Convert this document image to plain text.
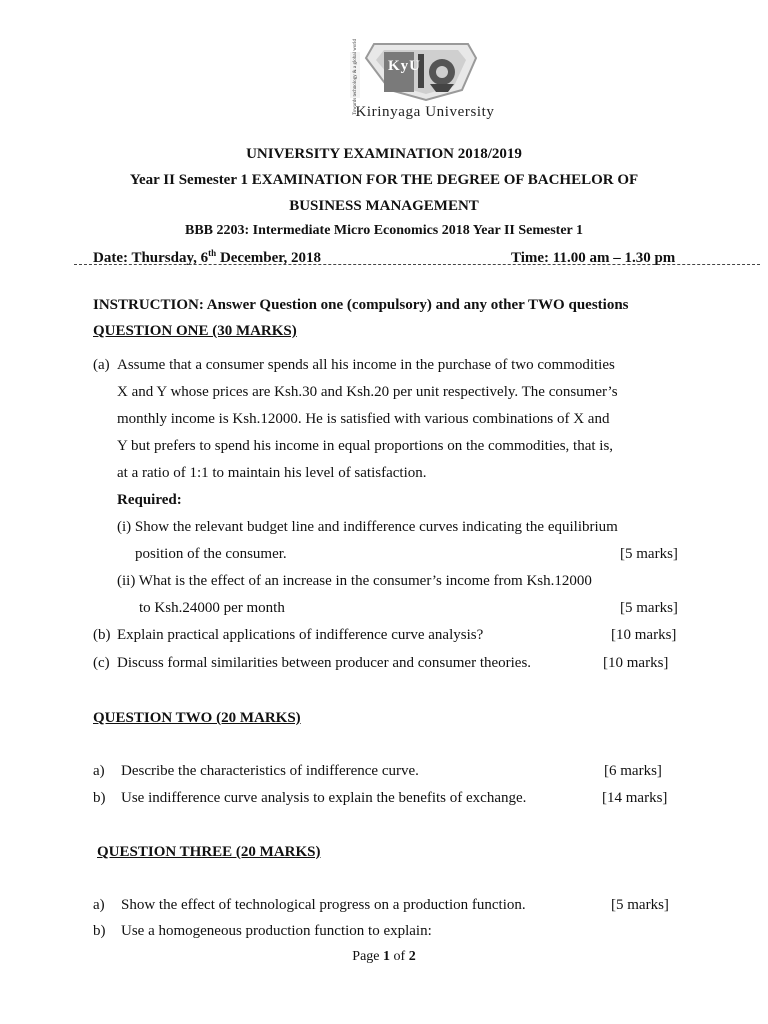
KyU
Towards technology & a global world
Kirinyaga University
UNIVERSITY EXAMINATION 2018/2019
Year II Semester 1 EXAMINATION FOR THE DEGREE OF BACHELOR OF
BUSINESS MANAGEMENT
BBB 2203: Intermediate Micro Economics 2018 Year II Semester 1
Date: Thursday, 6th December, 2018	Time: 11.00 am – 1.30 pm
INSTRUCTION: Answer Question one (compulsory) and any other TWO questions
QUESTION ONE (30 MARKS)
(a) Assume that a consumer spends all his income in the purchase of two commodities
X and Y whose prices are Ksh.30 and Ksh.20 per unit respectively. The consumer’s
monthly income is Ksh.12000. He is satisfied with various combinations of X and
Y but prefers to spend his income in equal proportions on the commodities, that is,
at a ratio of 1:1 to maintain his level of satisfaction.
Required:
(i) Show the relevant budget line and indifference curves indicating the equilibrium
position of the consumer.	[5 marks]
(ii) What is the effect of an increase in the consumer’s income from Ksh.12000
to Ksh.24000 per month	[5 marks]
(b) Explain practical applications of indifference curve analysis?	[10 marks]
(c) Discuss formal similarities between producer and consumer theories.	[10 marks]
QUESTION TWO (20 MARKS)
a) Describe the characteristics of indifference curve.	[6 marks]
b) Use indifference curve analysis to explain the benefits of exchange.	[14 marks]
QUESTION THREE (20 MARKS)
a) Show the effect of technological progress on a production function.	[5 marks]
b) Use a homogeneous production function to explain:
Page 1 of 2
